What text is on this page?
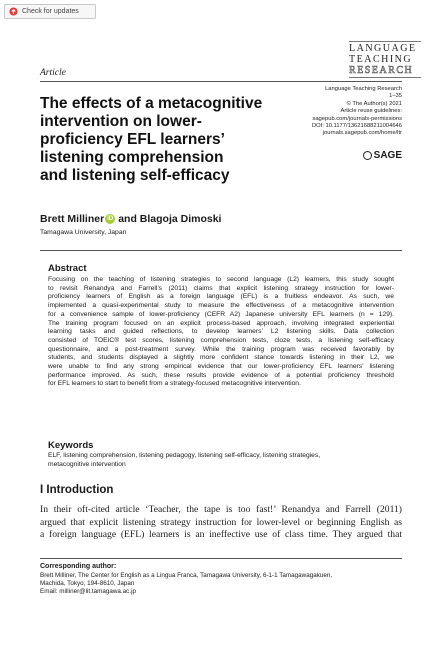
Check for updates
LANGUAGE
TEACHING
RESEARCH
Article
The effects of a metacognitive
intervention on lower-
proficiency EFL learners’
listening comprehension
and listening self-efficacy
Language Teaching Research
1–35
© The Author(s) 2021
Article reuse guidelines:
sagepub.com/journals-permissions
DOI: 10.1177/13621688211004646
journals.sagepub.com/home/ltr
SAGE
Brett Milliner iD and Blagoja Dimoski
Tamagawa University, Japan
Abstract
Focusing on the teaching of listening strategies to second language (L2) learners, this study sought
to revisit Renandya and Farrell’s (2011) claims that explicit listening strategy instruction for lower-
proficiency learners of English as a foreign language (EFL) is a fruitless endeavor. As such, we
implemented a quasi-experimental study to measure the effectiveness of a metacognitive intervention
for a convenience sample of lower-proficiency (CEFR A2) Japanese university EFL learners (n = 129).
The training program focused on an explicit process-based approach, involving integrated experiential
learning tasks and guided reflections, to develop learners’ L2 listening skills. Data collection
consisted of TOEIC® test scores, listening comprehension tests, cloze tests, a listening self-efficacy
questionnaire, and a post-treatment survey. While the training program was received favorably by
students, and students displayed a slightly more confident stance towards listening in their L2, we
were unable to find any strong empirical evidence that our lower-proficiency EFL learners’ listening
performance improved. As such, these results provide evidence of a potential proficiency threshold
for EFL learners to start to benefit from a strategy-focused metacognitive intervention.
Keywords
ELF, listening comprehension, listening pedagogy, listening self-efficacy, listening strategies,
metacognitive intervention
I Introduction
In their oft-cited article ‘Teacher, the tape is too fast!’ Renandya and Farrell (2011)
argued that explicit listening strategy instruction for lower-level or beginning English as
a foreign language (EFL) learners is an ineffective use of class time. They argued that
Corresponding author:
Brett Milliner, The Center for English as a Lingua Franca, Tamagawa University, 6-1-1 Tamagawagakuen,
Machida, Tokyo, 194-8610, Japan
Email: milliner@lit.tamagawa.ac.jp
